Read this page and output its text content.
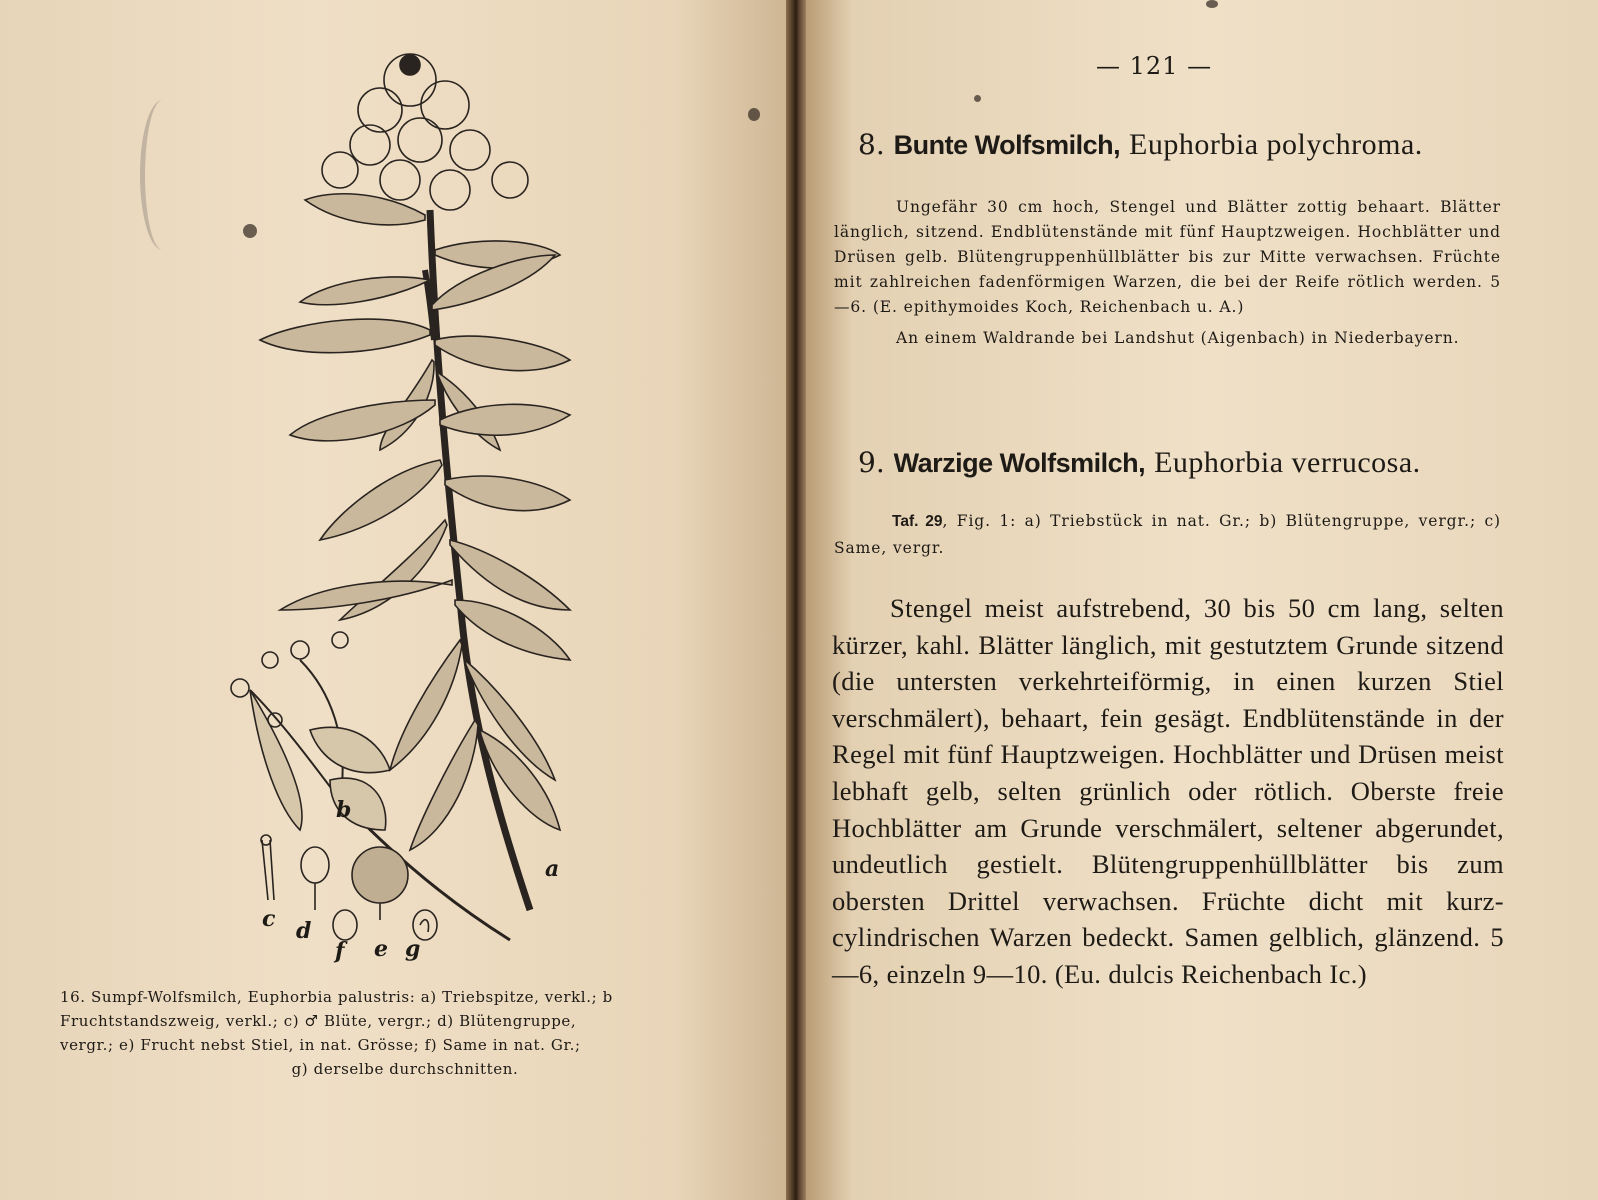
a
b
c d
f e g
16. Sumpf-Wolfsmilch, Euphorbia palustris: a) Triebspitze, verkl.; b
Fruchtstandszweig, verkl.; c) ♂ Blüte, vergr.; d) Blütengruppe,
vergr.; e) Frucht nebst Stiel, in nat. Grösse; f) Same in nat. Gr.;
g) derselbe durchschnitten.
— 121 —
8. Bunte Wolfsmilch, Euphorbia polychroma.

Ungefähr 30 cm hoch, Stengel und Blätter zottig behaart. Blätter länglich, sitzend. Endblütenstände mit fünf Hauptzweigen. Hochblätter und Drüsen gelb. Blütengruppenhüllblätter bis zur Mitte verwachsen. Früchte mit zahlreichen fadenförmigen Warzen, die bei der Reife rötlich werden. 5—6. (E. epithymoides Koch, Reichenbach u. A.)

An einem Waldrande bei Landshut (Aigenbach) in Niederbayern.

9. Warzige Wolfsmilch, Euphorbia verrucosa.

Taf. 29, Fig. 1: a) Triebstück in nat. Gr.; b) Blütengruppe, vergr.; c) Same, vergr.

Stengel meist aufstrebend, 30 bis 50 cm lang, selten kürzer, kahl. Blätter länglich, mit gestutztem Grunde sitzend (die untersten verkehrteiförmig, in einen kurzen Stiel verschmälert), behaart, fein gesägt. Endblütenstände in der Regel mit fünf Hauptzweigen. Hochblätter und Drüsen meist lebhaft gelb, selten grünlich oder rötlich. Oberste freie Hochblätter am Grunde verschmälert, seltener abgerundet, undeutlich gestielt. Blütengruppenhüllblätter bis zum obersten Drittel verwachsen. Früchte dicht mit kurz-cylindrischen Warzen bedeckt. Samen gelblich, glänzend. 5—6, einzeln 9—10. (Eu. dulcis Reichenbach Ic.)
